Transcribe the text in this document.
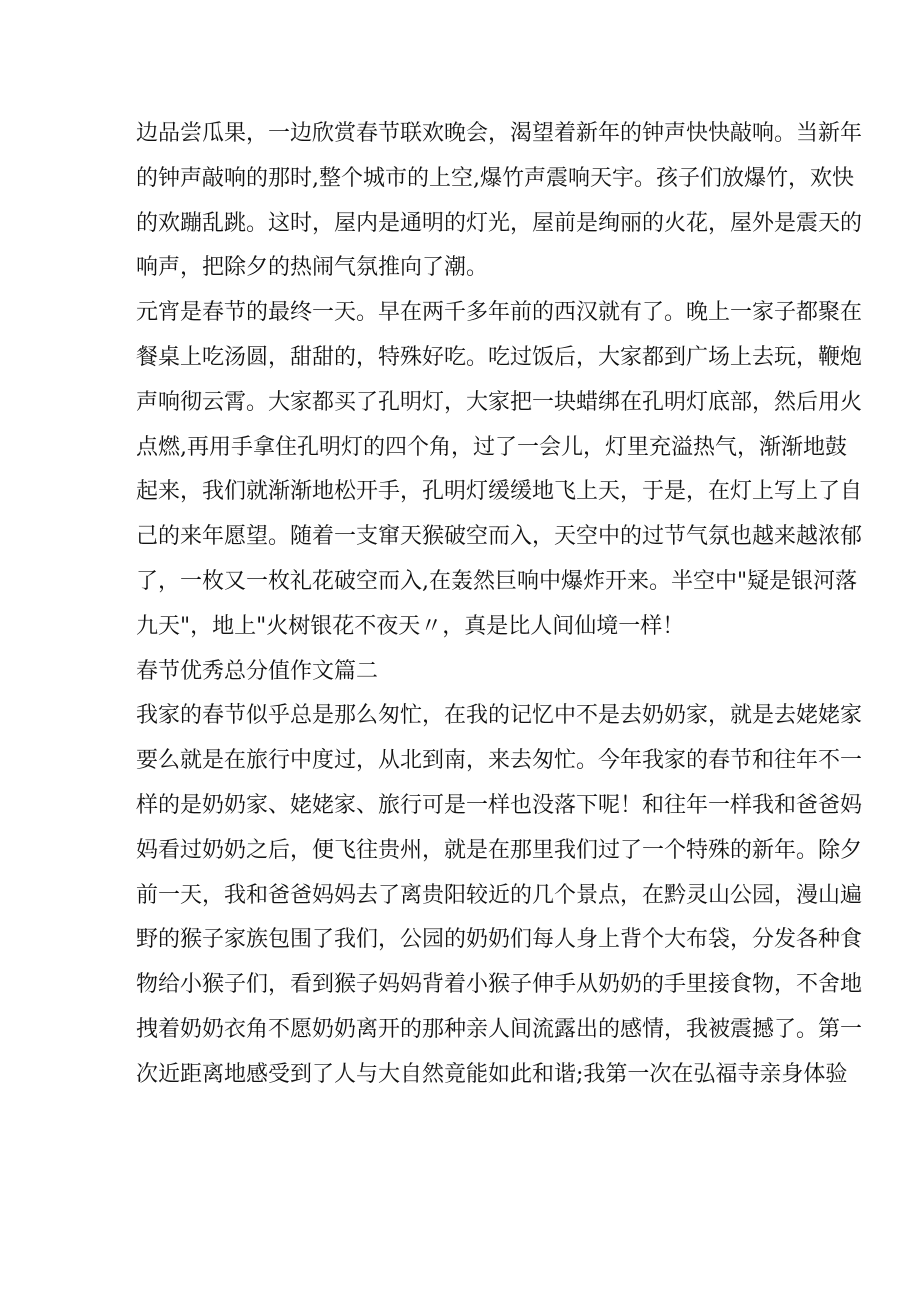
边品尝瓜果，一边欣赏春节联欢晚会，渴望着新年的钟声快快敲响。当新年
的钟声敲响的那时,整个城市的上空,爆竹声震响天宇。孩子们放爆竹，欢快
的欢蹦乱跳。这时，屋内是通明的灯光，屋前是绚丽的火花，屋外是震天的
响声，把除夕的热闹气氛推向了潮。
元宵是春节的最终一天。早在两千多年前的西汉就有了。晚上一家子都聚在
餐桌上吃汤圆，甜甜的，特殊好吃。吃过饭后，大家都到广场上去玩，鞭炮
声响彻云霄。大家都买了孔明灯，大家把一块蜡绑在孔明灯底部，然后用火
点燃,再用手拿住孔明灯的四个角，过了一会儿，灯里充溢热气，渐渐地鼓
起来，我们就渐渐地松开手，孔明灯缓缓地飞上天，于是，在灯上写上了自
己的来年愿望。随着一支窜天猴破空而入，天空中的过节气氛也越来越浓郁
了，一枚又一枚礼花破空而入,在轰然巨响中爆炸开来。半空中"疑是银河落
九天"，地上"火树银花不夜天〃，真是比人间仙境一样！
春节优秀总分值作文篇二
我家的春节似乎总是那么匆忙，在我的记忆中不是去奶奶家，就是去姥姥家
要么就是在旅行中度过，从北到南，来去匆忙。今年我家的春节和往年不一
样的是奶奶家、姥姥家、旅行可是一样也没落下呢！和往年一样我和爸爸妈
妈看过奶奶之后，便飞往贵州，就是在那里我们过了一个特殊的新年。除夕
前一天，我和爸爸妈妈去了离贵阳较近的几个景点，在黔灵山公园，漫山遍
野的猴子家族包围了我们，公园的奶奶们每人身上背个大布袋，分发各种食
物给小猴子们，看到猴子妈妈背着小猴子伸手从奶奶的手里接食物，不舍地
拽着奶奶衣角不愿奶奶离开的那种亲人间流露出的感情，我被震撼了。第一
次近距离地感受到了人与大自然竟能如此和谐;我第一次在弘福寺亲身体验
